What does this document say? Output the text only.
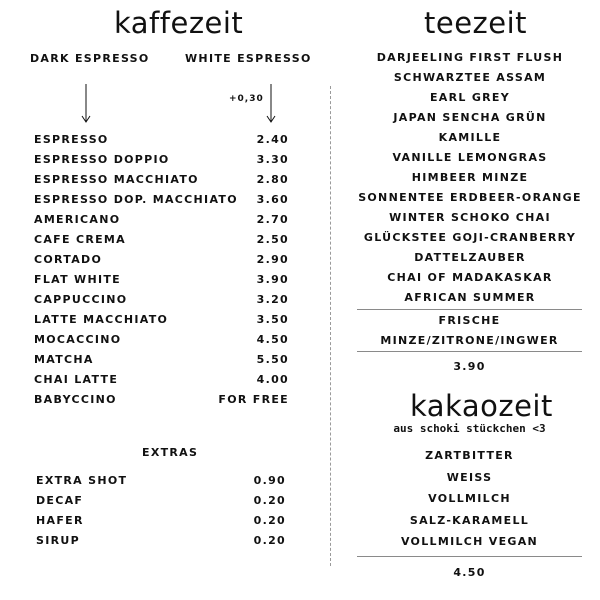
kaffezeit
DARK ESPRESSO	WHITE ESPRESSO
+0,30
ESPRESSO	2.40
ESPRESSO DOPPIO	3.30
ESPRESSO MACCHIATO	2.80
ESPRESSO DOP. MACCHIATO 3.60
AMERICANO	2.70
CAFE CREMA	2.50
CORTADO	2.90
FLAT WHITE	3.90
CAPPUCCINO	3.20
LATTE MACCHIATO	3.50
MOCACCINO	4.50
MATCHA	5.50
CHAI LATTE	4.00
BABYCCINO	FOR FREE
EXTRAS
EXTRA SHOT	0.90
DECAF	0.20
HAFER	0.20
SIRUP	0.20
teezeit
DARJEELING FIRST FLUSH
SCHWARZTEE ASSAM
EARL GREY
JAPAN SENCHA GRÜN
KAMILLE
VANILLE LEMONGRAS
HIMBEER MINZE
SONNENTEE ERDBEER-ORANGE
WINTER SCHOKO CHAI
GLÜCKSTEE GOJI-CRANBERRY
DATTELZAUBER
CHAI OF MADAKASKAR
AFRICAN SUMMER
FRISCHE
MINZE/ZITRONE/INGWER
3.90
kakaozeit
aus schoki stückchen <3
ZARTBITTER
WEISS
VOLLMILCH
SALZ-KARAMELL
VOLLMILCH VEGAN
4.50
